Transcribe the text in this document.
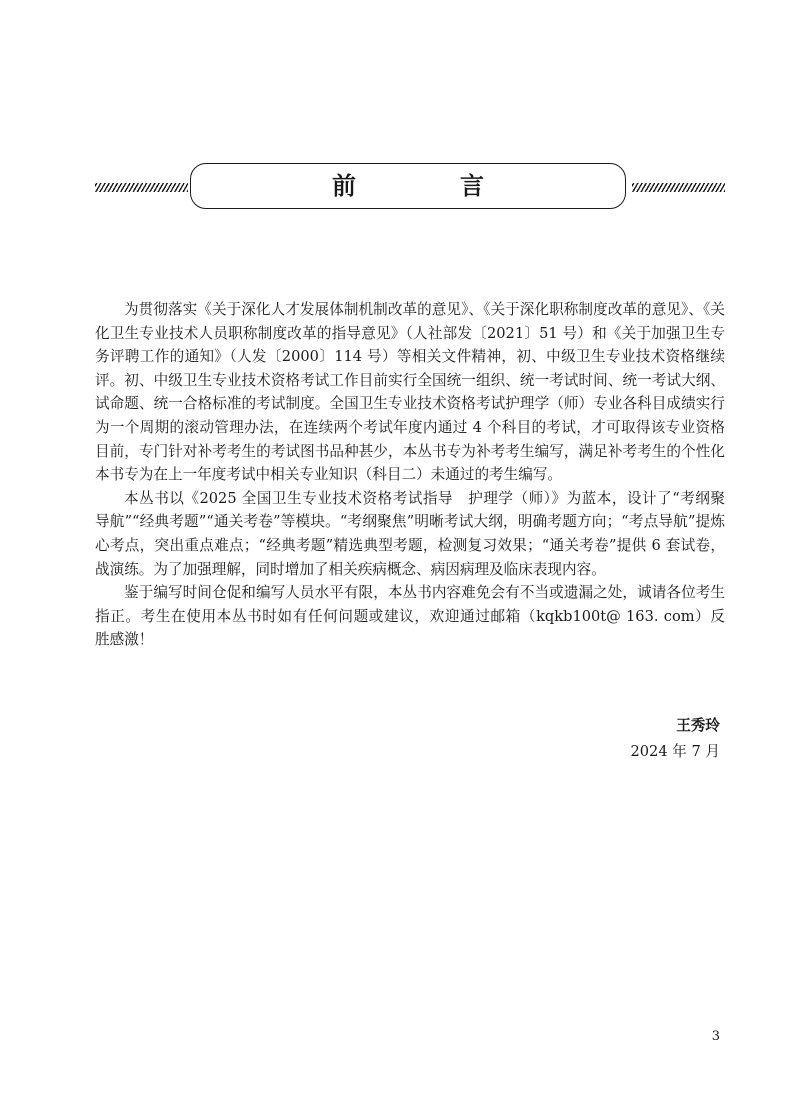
前　言
为贯彻落实《关于深化人才发展体制机制改革的意见》、《关于深化职称制度改革的意见》、《关
化卫生专业技术人员职称制度改革的指导意见》（人社部发〔2021〕51 号）和《关于加强卫生专
务评聘工作的通知》（人发〔2000〕114 号）等相关文件精神，初、中级卫生专业技术资格继续
评。初、中级卫生专业技术资格考试工作目前实行全国统一组织、统一考试时间、统一考试大纲、
试命题、统一合格标准的考试制度。全国卫生专业技术资格考试护理学（师）专业各科目成绩实行
为一个周期的滚动管理办法，在连续两个考试年度内通过 4 个科目的考试，才可取得该专业资格
目前，专门针对补考考生的考试图书品种甚少，本丛书专为补考考生编写，满足补考考生的个性化
本书专为在上一年度考试中相关专业知识（科目二）未通过的考生编写。
本丛书以《2025 全国卫生专业技术资格考试指导　护理学（师）》为蓝本，设计了“考纲聚
导航”“经典考题”“通关考卷”等模块。“考纲聚焦”明晰考试大纲，明确考题方向；“考点导航”提炼
心考点，突出重点难点；“经典考题”精选典型考题，检测复习效果；“通关考卷”提供 6 套试卷，
战演练。为了加强理解，同时增加了相关疾病概念、病因病理及临床表现内容。
鉴于编写时间仓促和编写人员水平有限，本丛书内容难免会有不当或遗漏之处，诚请各位考生
指正。考生在使用本丛书时如有任何问题或建议，欢迎通过邮箱（kqkb100t@ 163. com）反
胜感激！
王秀玲
2024 年 7 月
3
